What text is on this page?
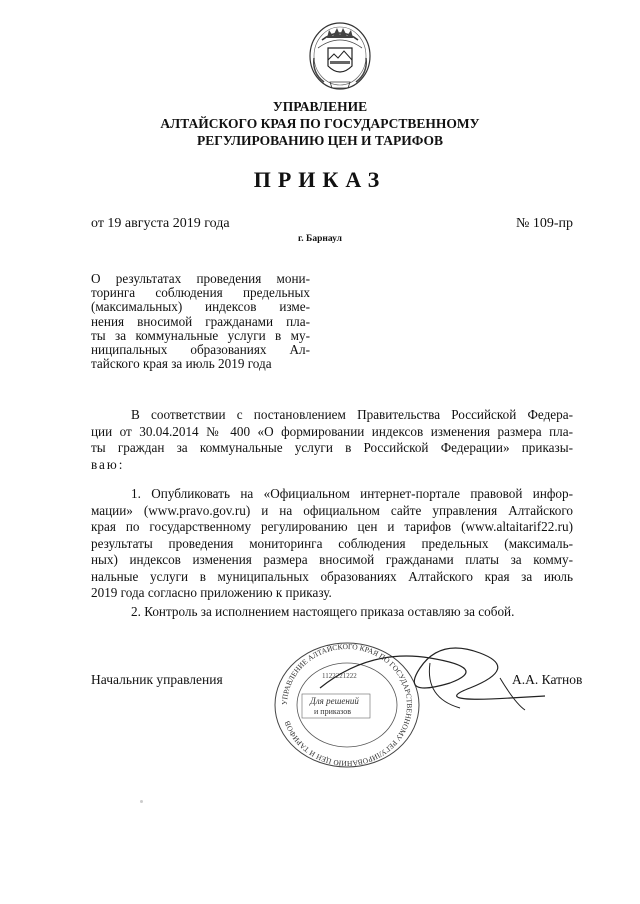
УПРАВЛЕНИЕ
АЛТАЙСКОГО КРАЯ ПО ГОСУДАРСТВЕННОМУ
РЕГУЛИРОВАНИЮ ЦЕН И ТАРИФОВ
ПРИКАЗ
от 19 августа 2019 года	№ 109-пр
г. Барнаул
О результатах проведения мони-
торинга соблюдения предельных
(максимальных) индексов изме-
нения вносимой гражданами пла-
ты за коммунальные услуги в му-
ниципальных образованиях Ал-
тайского края за июль 2019 года
В соответствии с постановлением Правительства Российской Федера-
ции от 30.04.2014 № 400 «О формировании индексов изменения размера пла-
ты граждан за коммунальные услуги в Российской Федерации» приказы-
ваю:
1. Опубликовать на «Официальном интернет-портале правовой инфор-
мации» (www.pravo.gov.ru) и на официальном сайте управления Алтайского
края по государственному регулированию цен и тарифов (www.altaitarif22.ru)
результаты проведения мониторинга соблюдения предельных (максималь-
ных) индексов изменения размера вносимой гражданами платы за комму-
нальные услуги в муниципальных образованиях Алтайского края за июль
2019 года согласно приложению к приказу.
2. Контроль за исполнением настоящего приказа оставляю за собой.
Начальник управления
УПРАВЛЕНИЕ АЛТАЙСКОГО КРАЯ ПО ГОСУДАРСТВЕННОМУ РЕГУЛИРОВАНИЮ ЦЕН И ТАРИФОВ
1122221222
Для решений
и приказов
А.А. Катнов
